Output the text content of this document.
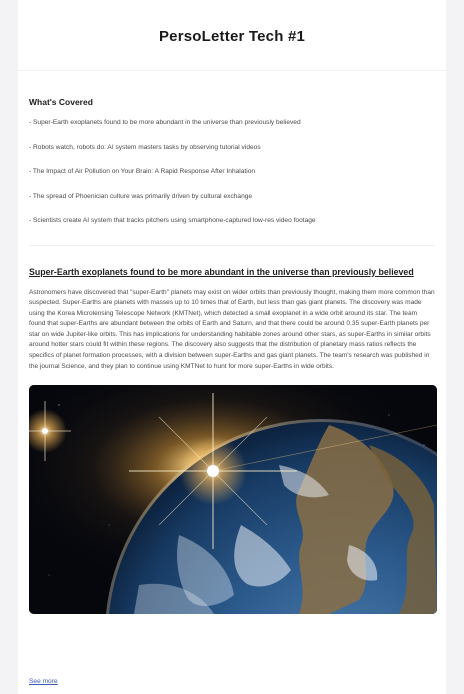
PersoLetter Tech #1
What's Covered
- Super-Earth exoplanets found to be more abundant in the universe than previously believed
- Robots watch, robots do: AI system masters tasks by observing tutorial videos
- The Impact of Air Pollution on Your Brain: A Rapid Response After Inhalation
- The spread of Phoenician culture was primarily driven by cultural exchange
- Scientists create AI system that tracks pitchers using smartphone-captured low-res video footage
Super-Earth exoplanets found to be more abundant in the universe than previously believed
Astronomers have discovered that "super-Earth" planets may exist on wider orbits than previously thought, making them more common than suspected. Super-Earths are planets with masses up to 10 times that of Earth, but less than gas giant planets. The discovery was made using the Korea Microlensing Telescope Network (KMTNet), which detected a small exoplanet in a wide orbit around its star. The team found that super-Earths are abundant between the orbits of Earth and Saturn, and that there could be around 0.35 super-Earth planets per star on wide Jupiter-like orbits. This has implications for understanding habitable zones around other stars, as super-Earths in similar orbits around hotter stars could fit within these regions. The discovery also suggests that the distribution of planetary mass ratios reflects the specifics of planet formation processes, with a division between super-Earths and gas giant planets. The team's research was published in the journal Science, and they plan to continue using KMTNet to hunt for more super-Earths in wide orbits.
See more
